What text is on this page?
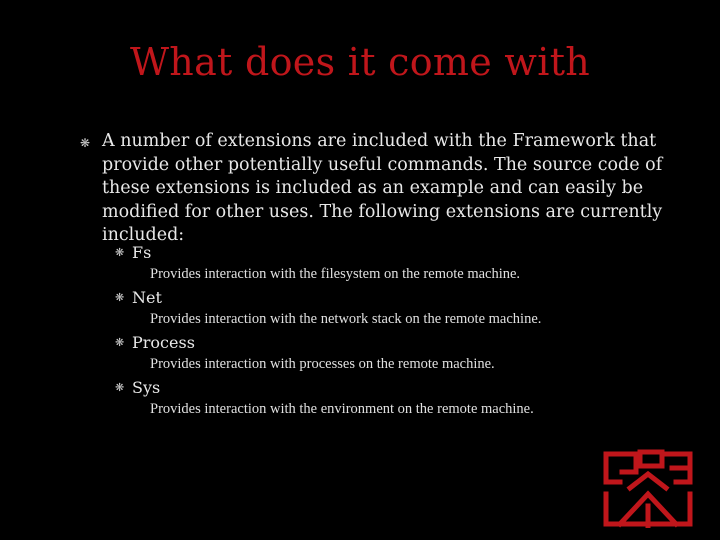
What does it come with
❋ A number of extensions are included with the Framework that
provide other potentially useful commands. The source code of
these extensions is included as an example and can easily be
modified for other uses. The following extensions are currently
included:

❋ Fs

Provides interaction with the filesystem on the remote machine.

❋ Net

Provides interaction with the network stack on the remote machine.

❋ Process

Provides interaction with processes on the remote machine.

❋ Sys

Provides interaction with the environment on the remote machine.
